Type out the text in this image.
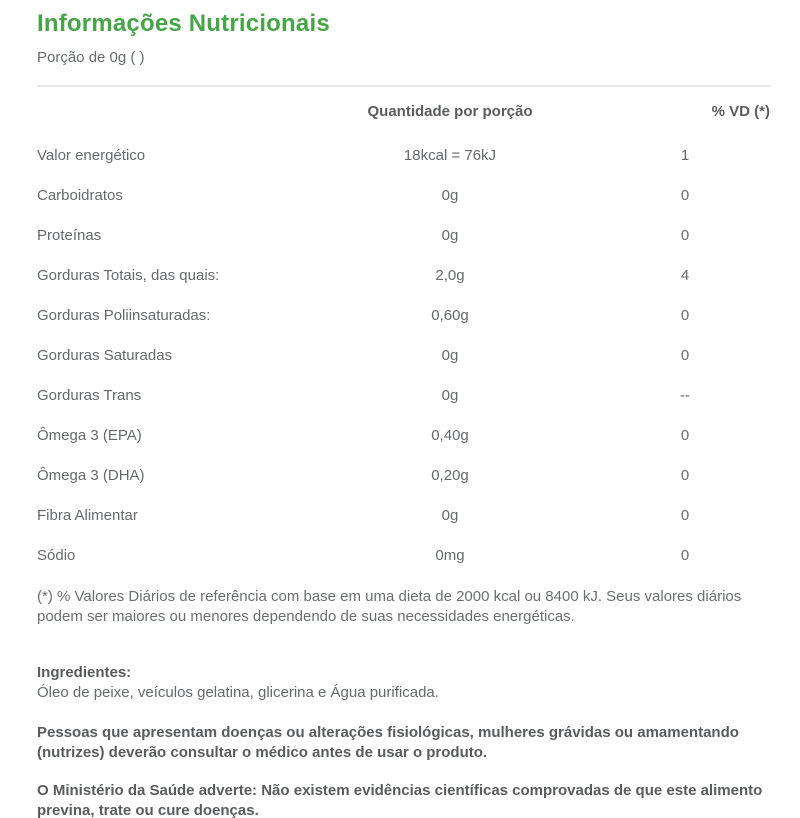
Informações Nutricionais
Porção de 0g ( )
	Quantidade por porção	% VD (*)
Valor energético	18kcal = 76kJ	1
Carboidratos	0g	0
Proteínas	0g	0
Gorduras Totais, das quais:	2,0g	4
Gorduras Poliinsaturadas:	0,60g	0
Gorduras Saturadas	0g	0
Gorduras Trans	0g	--
Ômega 3 (EPA)	0,40g	0
Ômega 3 (DHA)	0,20g	0
Fibra Alimentar	0g	0
Sódio	0mg	0

(*) % Valores Diários de referência com base em uma dieta de 2000 kcal ou 8400 kJ. Seus valores diários podem ser maiores ou menores dependendo de suas necessidades energéticas.

Ingredientes:
Óleo de peixe, veículos gelatina, glicerina e Água purificada.

Pessoas que apresentam doenças ou alterações fisiológicas, mulheres grávidas ou amamentando (nutrizes) deverão consultar o médico antes de usar o produto.

O Ministério da Saúde adverte: Não existem evidências científicas comprovadas de que este alimento previna, trate ou cure doenças.
